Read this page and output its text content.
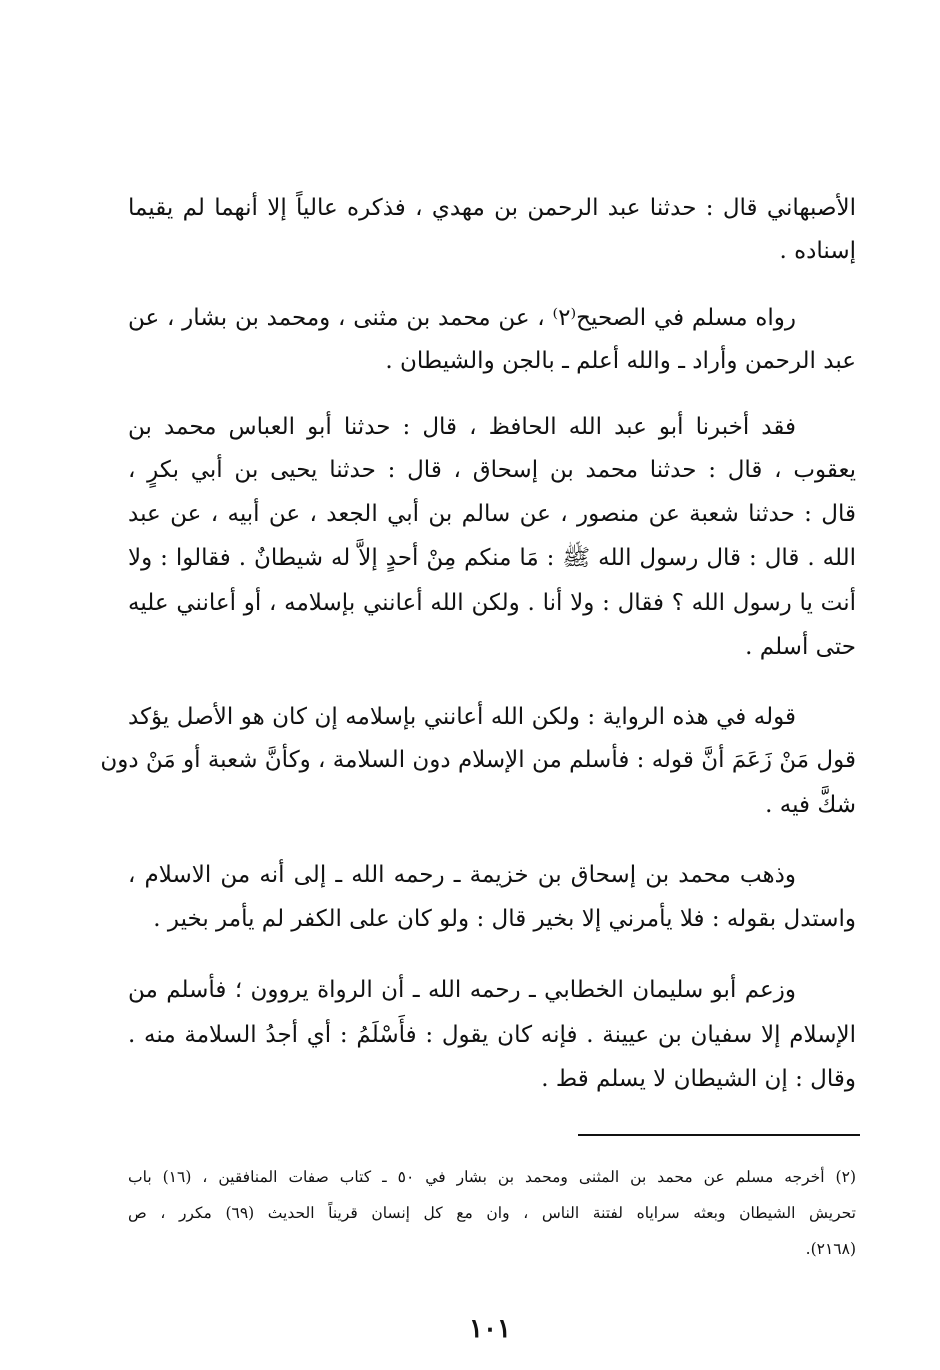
الأصبهاني قال : حدثنا عبد الرحمن بن مهدي ، فذكره عالياً إلا أنهما لم يقيما
إسناده .
رواه مسلم في الصحيح⁽٢⁾ ، عن محمد بن مثنى ، ومحمد بن بشار ، عن
عبد الرحمن وأراد ـ والله أعلم ـ بالجن والشيطان .
فقد أخبرنا أبو عبد الله الحافظ ، قال : حدثنا أبو العباس محمد بن
يعقوب ، قال : حدثنا محمد بن إسحاق ، قال : حدثنا يحيى بن أبي بكرٍ ،
قال : حدثنا شعبة عن منصور ، عن سالم بن أبي الجعد ، عن أبيه ، عن عبد
الله . قال : قال رسول الله ﷺ : مَا منكم مِنْ أحدٍ إلاَّ له شيطانٌ . فقالوا : ولا
أنت يا رسول الله ؟ فقال : ولا أنا . ولكن الله أعانني بإسلامه ، أو أعانني عليه
حتى أسلم .
قوله في هذه الرواية : ولكن الله أعانني بإسلامه إن كان هو الأصل يؤكد
قول مَنْ زَعَمَ أنَّ قوله : فأسلم من الإسلام دون السلامة ، وكأنَّ شعبة أو مَنْ دون
شكَّ فيه .
وذهب محمد بن إسحاق بن خزيمة ـ رحمه الله ـ إلى أنه من الاسلام ،
واستدل بقوله : فلا يأمرني إلا بخير قال : ولو كان على الكفر لم يأمر بخير .
وزعم أبو سليمان الخطابي ـ رحمه الله ـ أن الرواة يروون ؛ فأسلم من
الإسلام إلا سفيان بن عيينة . فإنه كان يقول : فأَسْلَمُ : أي أجدُ السلامة منه .
وقال : إن الشيطان لا يسلم قط .
(٢) أخرجه مسلم عن محمد بن المثنى ومحمد بن بشار في ٥٠ ـ كتاب صفات المنافقين ، (١٦) باب
تحريش الشيطان وبعثه سراياه لفتنة الناس ، وان مع كل إنسان قريناً الحديث (٦٩) مكرر ، ص
(٢١٦٨).
١٠١
